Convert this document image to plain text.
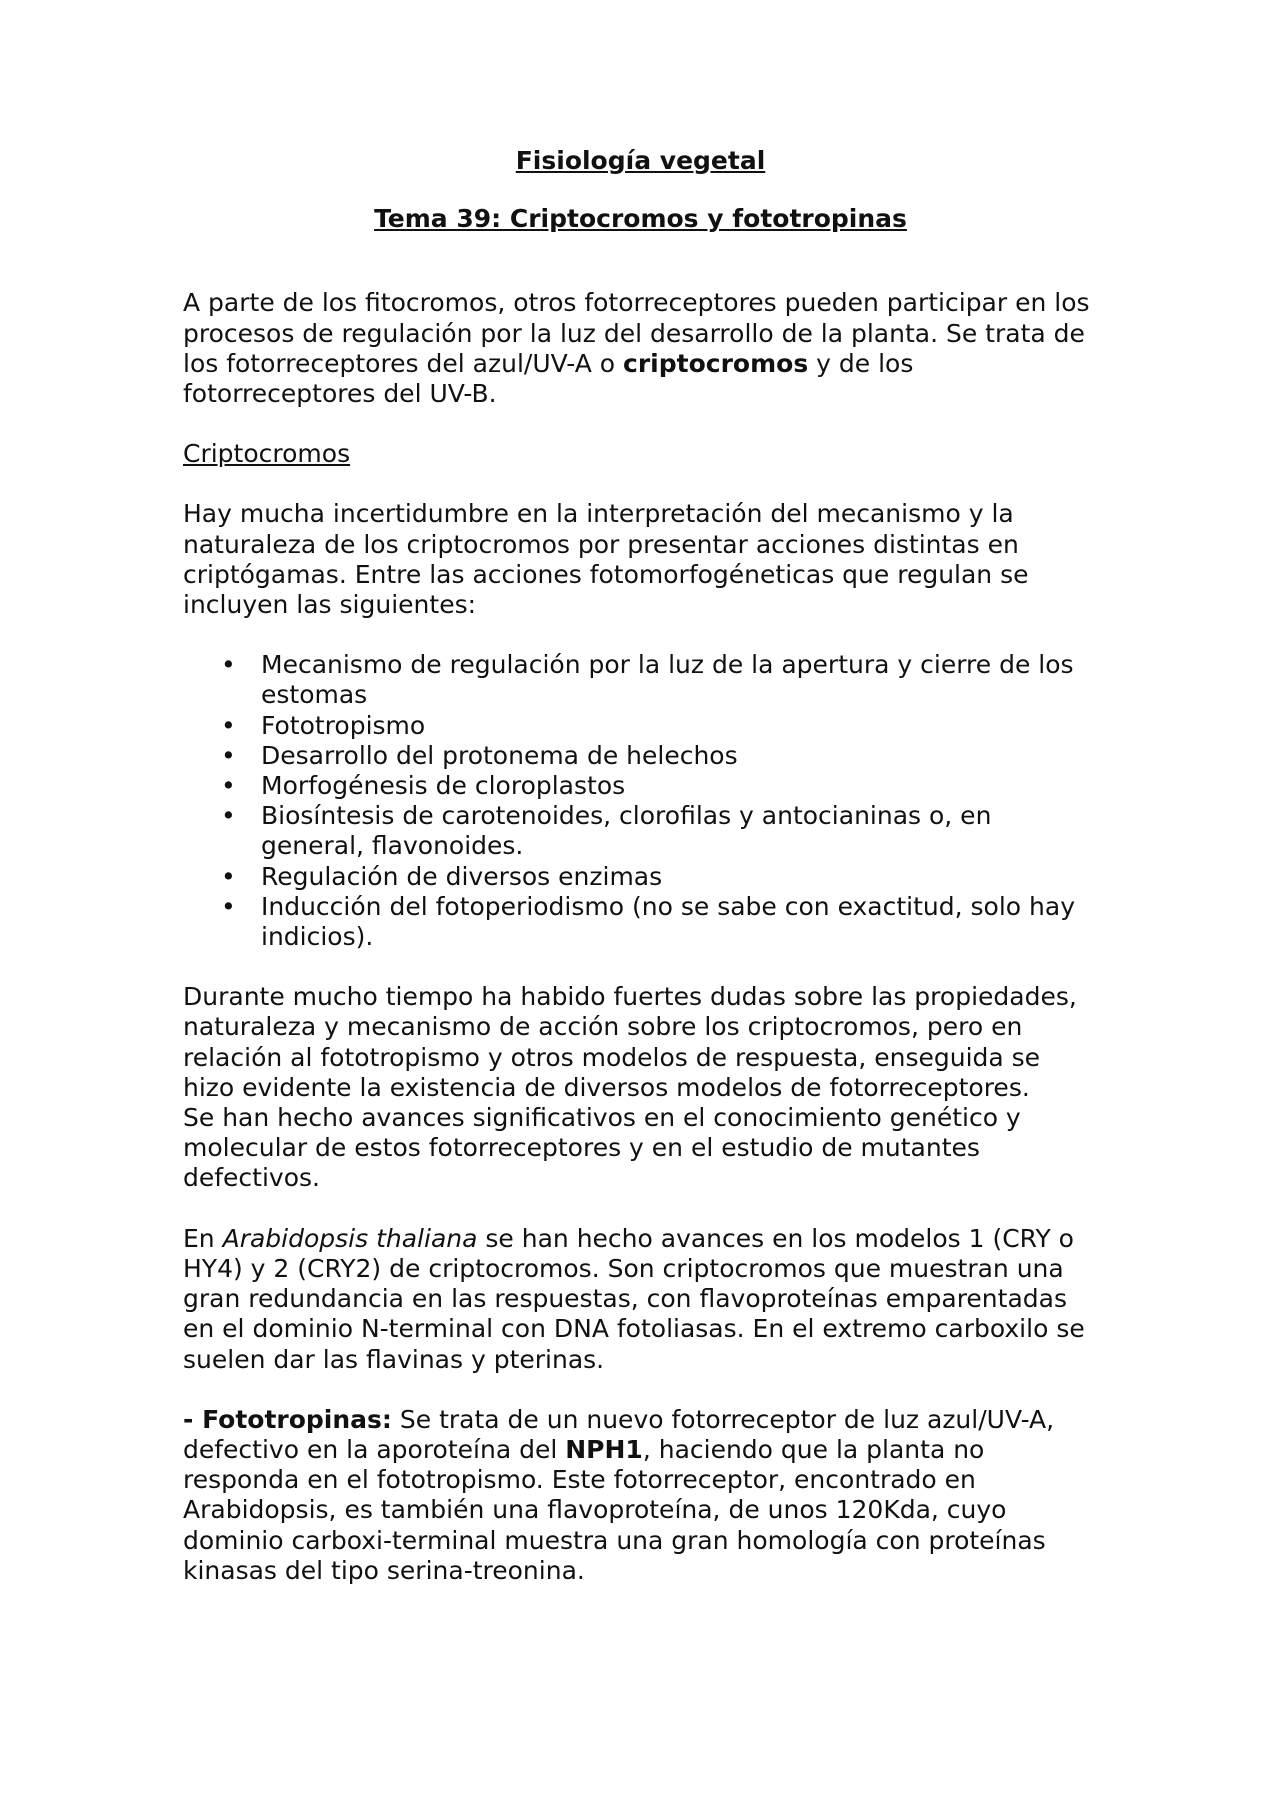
Fisiología vegetal

Tema 39: Criptocromos y fototropinas

A parte de los fitocromos, otros fotorreceptores pueden participar en los procesos de regulación por la luz del desarrollo de la planta. Se trata de los fotorreceptores del azul/UV-A o criptocromos y de los fotorreceptores del UV-B.

Criptocromos

Hay mucha incertidumbre en la interpretación del mecanismo y la naturaleza de los criptocromos por presentar acciones distintas en criptógamas. Entre las acciones fotomorfogéneticas que regulan se incluyen las siguientes:

• Mecanismo de regulación por la luz de la apertura y cierre de los estomas
• Fototropismo
• Desarrollo del protonema de helechos
• Morfogénesis de cloroplastos
• Biosíntesis de carotenoides, clorofilas y antocianinas o, en general, flavonoides.
• Regulación de diversos enzimas
• Inducción del fotoperiodismo (no se sabe con exactitud, solo hay indicios).

Durante mucho tiempo ha habido fuertes dudas sobre las propiedades, naturaleza y mecanismo de acción sobre los criptocromos, pero en relación al fototropismo y otros modelos de respuesta, enseguida se hizo evidente la existencia de diversos modelos de fotorreceptores.

Se han hecho avances significativos en el conocimiento genético y molecular de estos fotorreceptores y en el estudio de mutantes defectivos.

En Arabidopsis thaliana se han hecho avances en los modelos 1 (CRY o HY4) y 2 (CRY2) de criptocromos. Son criptocromos que muestran una gran redundancia en las respuestas, con flavoproteínas emparentadas en el dominio N-terminal con DNA fotoliasas. En el extremo carboxilo se suelen dar las flavinas y pterinas.

- Fototropinas: Se trata de un nuevo fotorreceptor de luz azul/UV-A, defectivo en la aporoteína del NPH1, haciendo que la planta no responda en el fototropismo. Este fotorreceptor, encontrado en Arabidopsis, es también una flavoproteína, de unos 120Kda, cuyo dominio carboxi-terminal muestra una gran homología con proteínas kinasas del tipo serina-treonina.
